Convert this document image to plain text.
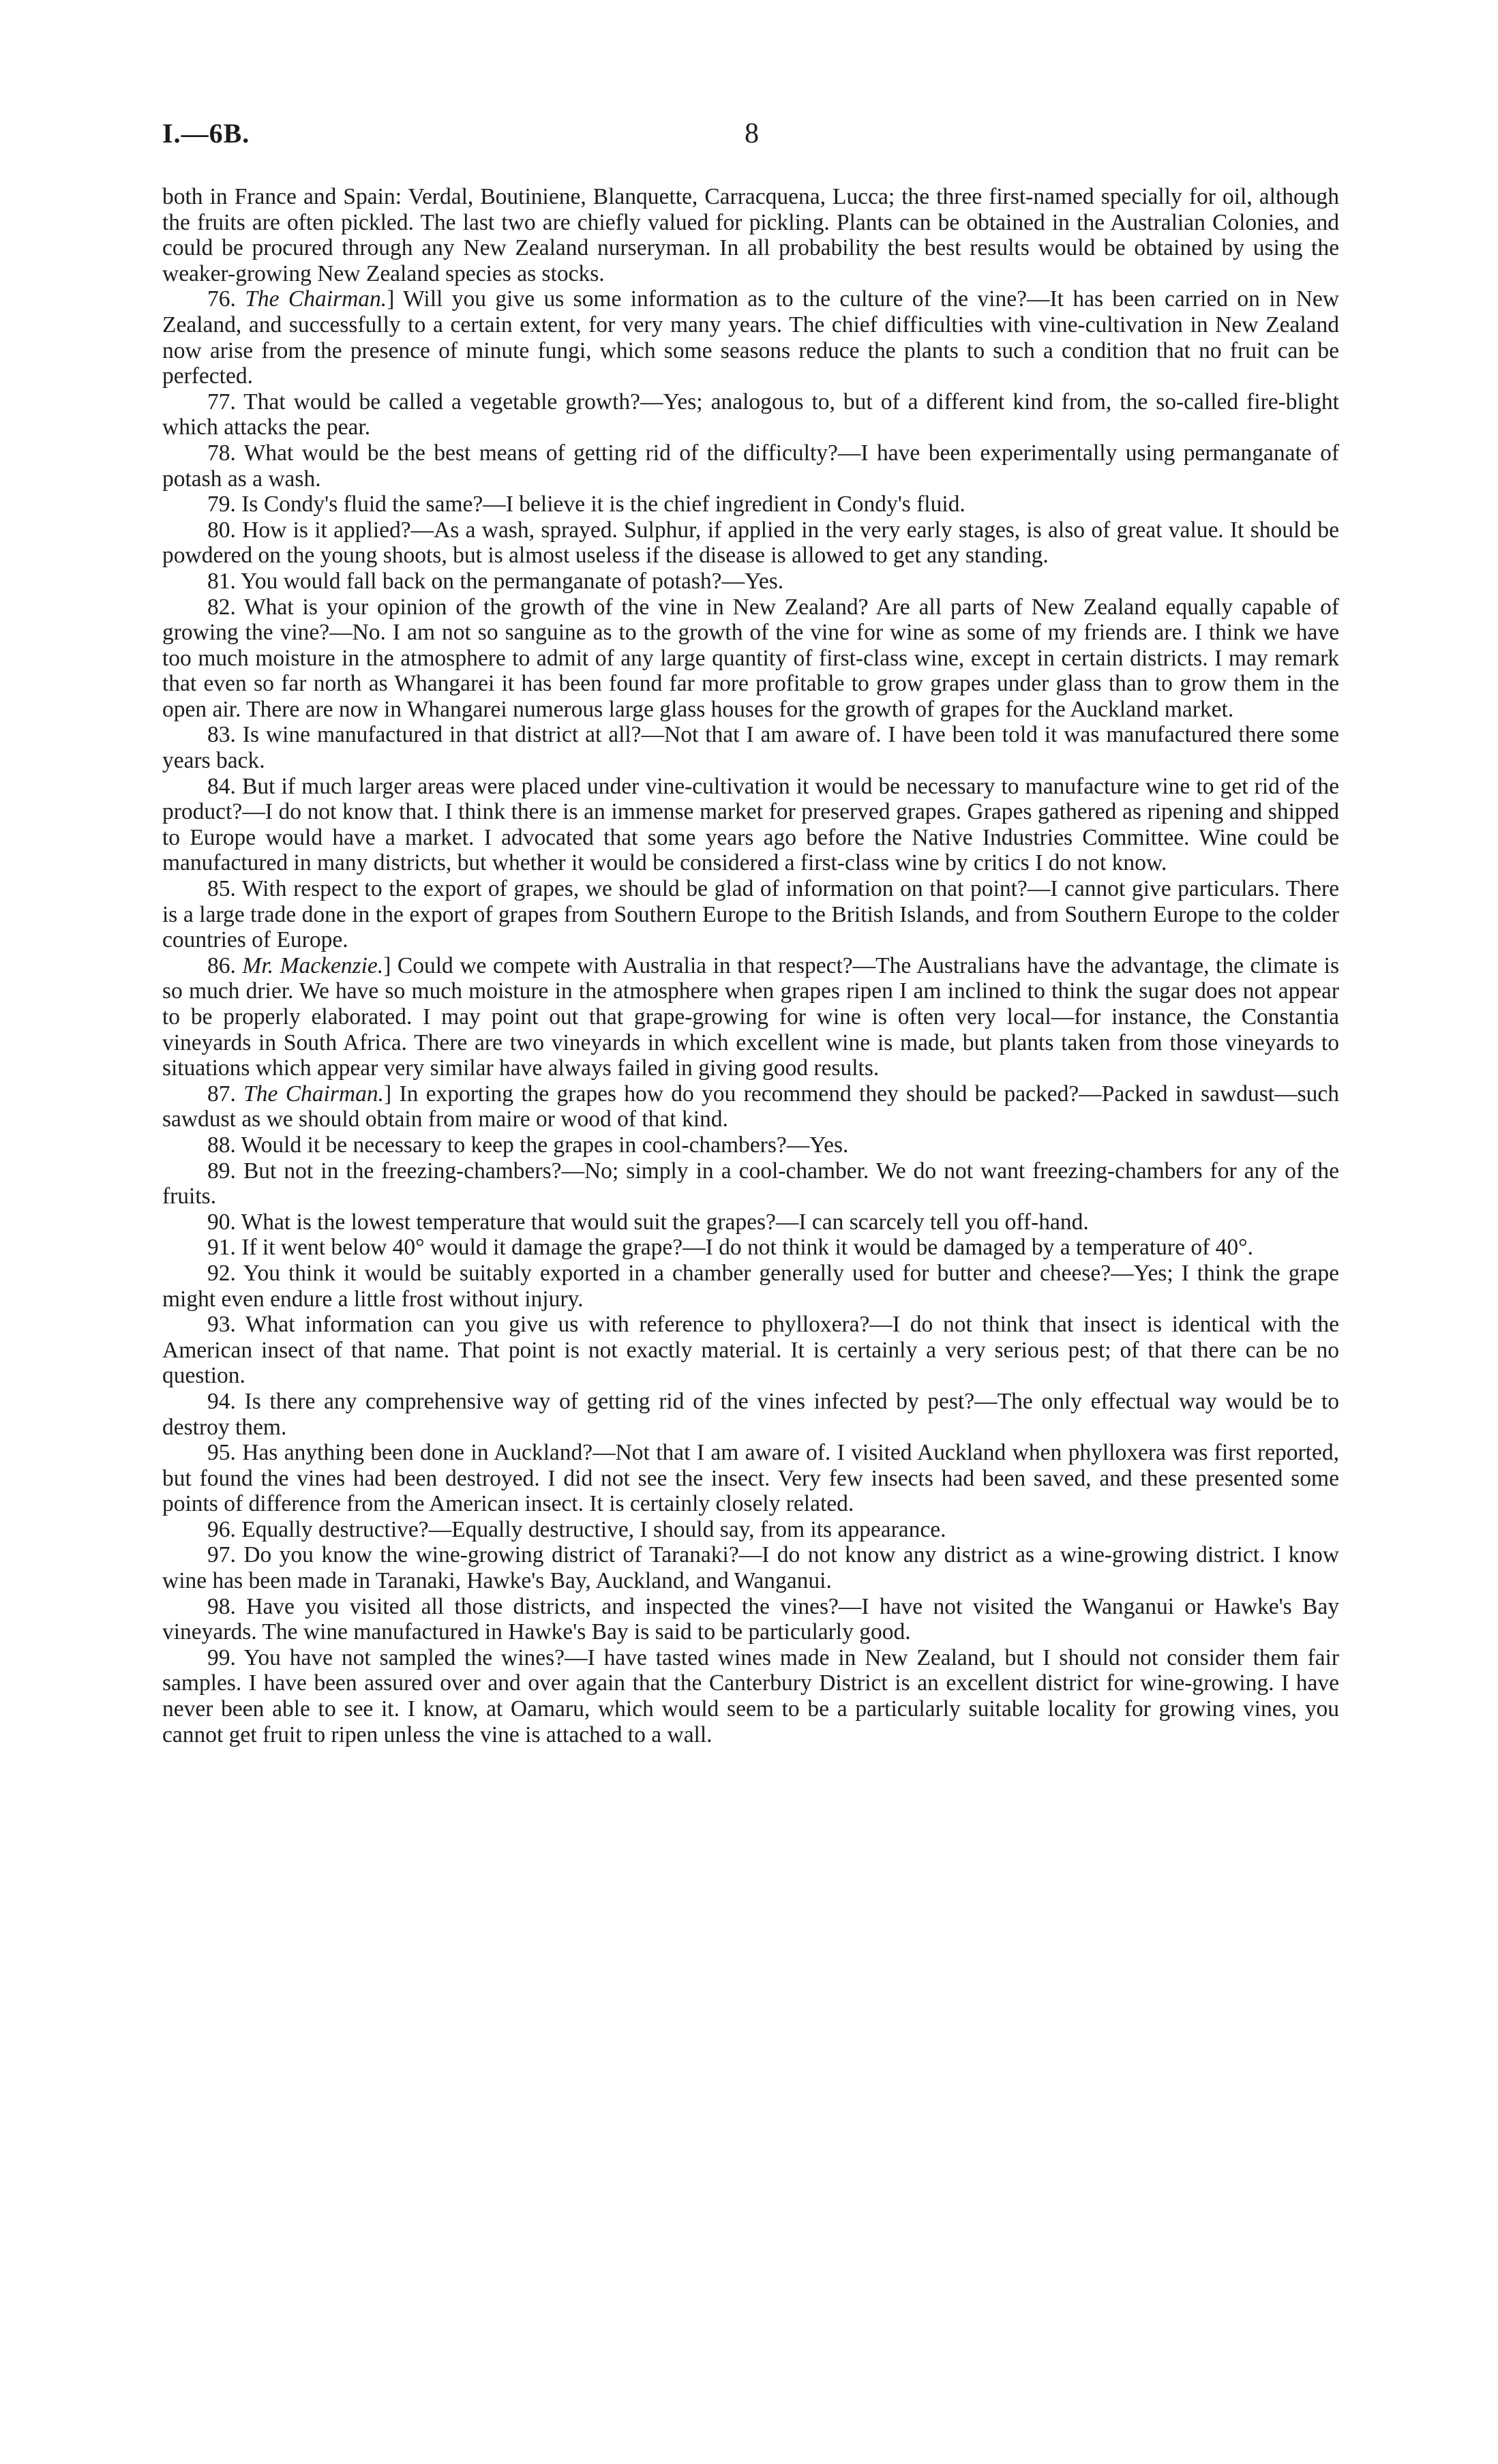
I.—6B.	8

both in France and Spain: Verdal, Boutiniene, Blanquette, Carracquena, Lucca; the three first-named specially for oil, although the fruits are often pickled. The last two are chiefly valued for pickling. Plants can be obtained in the Australian Colonies, and could be procured through any New Zealand nurseryman. In all probability the best results would be obtained by using the weaker-growing New Zealand species as stocks.

76. The Chairman.] Will you give us some information as to the culture of the vine?—It has been carried on in New Zealand, and successfully to a certain extent, for very many years. The chief difficulties with vine-cultivation in New Zealand now arise from the presence of minute fungi, which some seasons reduce the plants to such a condition that no fruit can be perfected.

77. That would be called a vegetable growth?—Yes; analogous to, but of a different kind from, the so-called fire-blight which attacks the pear.

78. What would be the best means of getting rid of the difficulty?—I have been experimentally using permanganate of potash as a wash.

79. Is Condy's fluid the same?—I believe it is the chief ingredient in Condy's fluid.

80. How is it applied?—As a wash, sprayed. Sulphur, if applied in the very early stages, is also of great value. It should be powdered on the young shoots, but is almost useless if the disease is allowed to get any standing.

81. You would fall back on the permanganate of potash?—Yes.

82. What is your opinion of the growth of the vine in New Zealand? Are all parts of New Zealand equally capable of growing the vine?—No. I am not so sanguine as to the growth of the vine for wine as some of my friends are. I think we have too much moisture in the atmosphere to admit of any large quantity of first-class wine, except in certain districts. I may remark that even so far north as Whangarei it has been found far more profitable to grow grapes under glass than to grow them in the open air. There are now in Whangarei numerous large glass houses for the growth of grapes for the Auckland market.

83. Is wine manufactured in that district at all?—Not that I am aware of. I have been told it was manufactured there some years back.

84. But if much larger areas were placed under vine-cultivation it would be necessary to manufacture wine to get rid of the product?—I do not know that. I think there is an immense market for preserved grapes. Grapes gathered as ripening and shipped to Europe would have a market. I advocated that some years ago before the Native Industries Committee. Wine could be manufactured in many districts, but whether it would be considered a first-class wine by critics I do not know.

85. With respect to the export of grapes, we should be glad of information on that point?—I cannot give particulars. There is a large trade done in the export of grapes from Southern Europe to the British Islands, and from Southern Europe to the colder countries of Europe.

86. Mr. Mackenzie.] Could we compete with Australia in that respect?—The Australians have the advantage, the climate is so much drier. We have so much moisture in the atmosphere when grapes ripen I am inclined to think the sugar does not appear to be properly elaborated. I may point out that grape-growing for wine is often very local—for instance, the Constantia vineyards in South Africa. There are two vineyards in which excellent wine is made, but plants taken from those vineyards to situations which appear very similar have always failed in giving good results.

87. The Chairman.] In exporting the grapes how do you recommend they should be packed?—Packed in sawdust—such sawdust as we should obtain from maire or wood of that kind.

88. Would it be necessary to keep the grapes in cool-chambers?—Yes.

89. But not in the freezing-chambers?—No; simply in a cool-chamber. We do not want freezing-chambers for any of the fruits.

90. What is the lowest temperature that would suit the grapes?—I can scarcely tell you off-hand.

91. If it went below 40° would it damage the grape?—I do not think it would be damaged by a temperature of 40°.

92. You think it would be suitably exported in a chamber generally used for butter and cheese?—Yes; I think the grape might even endure a little frost without injury.

93. What information can you give us with reference to phylloxera?—I do not think that insect is identical with the American insect of that name. That point is not exactly material. It is certainly a very serious pest; of that there can be no question.

94. Is there any comprehensive way of getting rid of the vines infected by pest?—The only effectual way would be to destroy them.

95. Has anything been done in Auckland?—Not that I am aware of. I visited Auckland when phylloxera was first reported, but found the vines had been destroyed. I did not see the insect. Very few insects had been saved, and these presented some points of difference from the American insect. It is certainly closely related.

96. Equally destructive?—Equally destructive, I should say, from its appearance.

97. Do you know the wine-growing district of Taranaki?—I do not know any district as a wine-growing district. I know wine has been made in Taranaki, Hawke's Bay, Auckland, and Wanganui.

98. Have you visited all those districts, and inspected the vines?—I have not visited the Wanganui or Hawke's Bay vineyards. The wine manufactured in Hawke's Bay is said to be particularly good.

99. You have not sampled the wines?—I have tasted wines made in New Zealand, but I should not consider them fair samples. I have been assured over and over again that the Canterbury District is an excellent district for wine-growing. I have never been able to see it. I know, at Oamaru, which would seem to be a particularly suitable locality for growing vines, you cannot get fruit to ripen unless the vine is attached to a wall.
